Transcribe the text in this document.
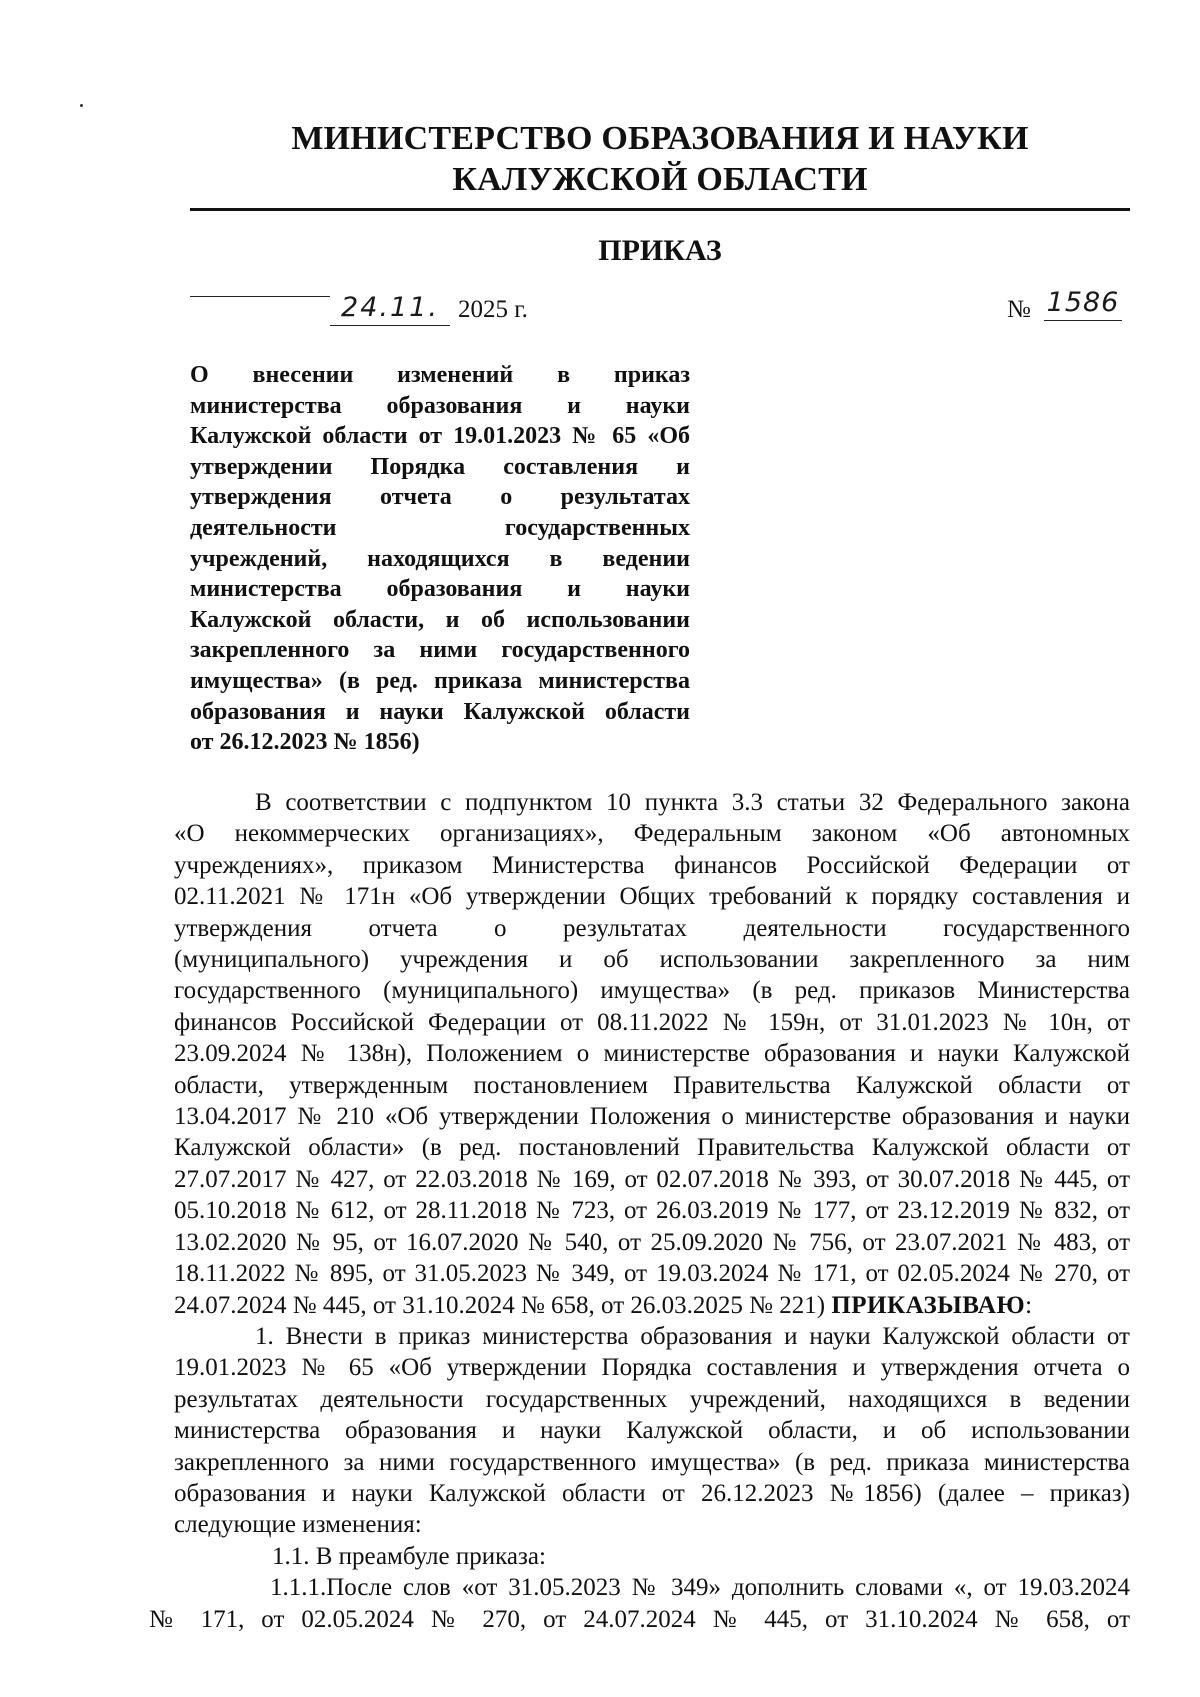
МИНИСТЕРСТВО ОБРАЗОВАНИЯ И НАУКИ
КАЛУЖСКОЙ ОБЛАСТИ
ПРИКАЗ
24.11. 2025 г.	№ 1586
О внесении изменений в приказ
министерства образования и науки
Калужской области от 19.01.2023 № 65 «Об
утверждении Порядка составления и
утверждения отчета о результатах
деятельности государственных
учреждений, находящихся в ведении
министерства образования и науки
Калужской области, и об использовании
закрепленного за ними государственного
имущества» (в ред. приказа министерства
образования и науки Калужской области
от 26.12.2023 № 1856)
В соответствии с подпунктом 10 пункта 3.3 статьи 32 Федерального закона
«О некоммерческих организациях», Федеральным законом «Об автономных
учреждениях», приказом Министерства финансов Российской Федерации от
02.11.2021 № 171н «Об утверждении Общих требований к порядку составления и
утверждения отчета о результатах деятельности государственного
(муниципального) учреждения и об использовании закрепленного за ним
государственного (муниципального) имущества» (в ред. приказов Министерства
финансов Российской Федерации от 08.11.2022 № 159н, от 31.01.2023 № 10н, от
23.09.2024 № 138н), Положением о министерстве образования и науки Калужской
области, утвержденным постановлением Правительства Калужской области от
13.04.2017 № 210 «Об утверждении Положения о министерстве образования и науки
Калужской области» (в ред. постановлений Правительства Калужской области от
27.07.2017 № 427, от 22.03.2018 № 169, от 02.07.2018 № 393, от 30.07.2018 № 445, от
05.10.2018 № 612, от 28.11.2018 № 723, от 26.03.2019 № 177, от 23.12.2019 № 832, от
13.02.2020 № 95, от 16.07.2020 № 540, от 25.09.2020 № 756, от 23.07.2021 № 483, от
18.11.2022 № 895, от 31.05.2023 № 349, от 19.03.2024 № 171, от 02.05.2024 № 270, от
24.07.2024 № 445, от 31.10.2024 № 658, от 26.03.2025 № 221) ПРИКАЗЫВАЮ:
1. Внести в приказ министерства образования и науки Калужской области от
19.01.2023 № 65 «Об утверждении Порядка составления и утверждения отчета о
результатах деятельности государственных учреждений, находящихся в ведении
министерства образования и науки Калужской области, и об использовании
закрепленного за ними государственного имущества» (в ред. приказа министерства
образования и науки Калужской области от 26.12.2023 №1856) (далее – приказ)
следующие изменения:
1.1. В преамбуле приказа:
1.1.1.После слов «от 31.05.2023 № 349» дополнить словами «, от 19.03.2024
№ 171, от 02.05.2024 № 270, от 24.07.2024 № 445, от 31.10.2024 № 658, от
